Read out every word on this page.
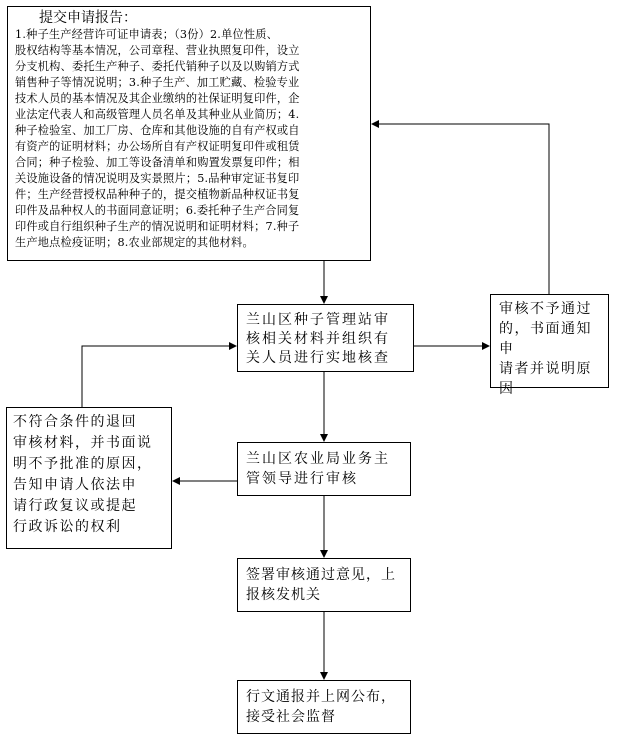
提交申请报告：
1.种子生产经营许可证申请表；（3份）2.单位性质、
股权结构等基本情况，公司章程、营业执照复印件，设立
分支机构、委托生产种子、委托代销种子以及以购销方式
销售种子等情况说明；3.种子生产、加工贮藏、检验专业
技术人员的基本情况及其企业缴纳的社保证明复印件，企
业法定代表人和高级管理人员名单及其种业从业简历；4.
种子检验室、加工厂房、仓库和其他设施的自有产权或自
有资产的证明材料；办公场所自有产权证明复印件或租赁
合同；种子检验、加工等设备清单和购置发票复印件；相
关设施设备的情况说明及实景照片；5.品种审定证书复印
件；生产经营授权品种种子的，提交植物新品种权证书复
印件及品种权人的书面同意证明；6.委托种子生产合同复
印件或自行组织种子生产的情况说明和证明材料；7.种子
生产地点检疫证明；8.农业部规定的其他材料。
兰山区种子管理站审
核相关材料并组织有
关人员进行实地核查
审核不予通过
的，书面通知申
请者并说明原
因
不符合条件的退回
审核材料，并书面说
明不予批准的原因，
告知申请人依法申
请行政复议或提起
行政诉讼的权利
兰山区农业局业务主
管领导进行审核
签署审核通过意见，上
报核发机关
行文通报并上网公布，
接受社会监督
